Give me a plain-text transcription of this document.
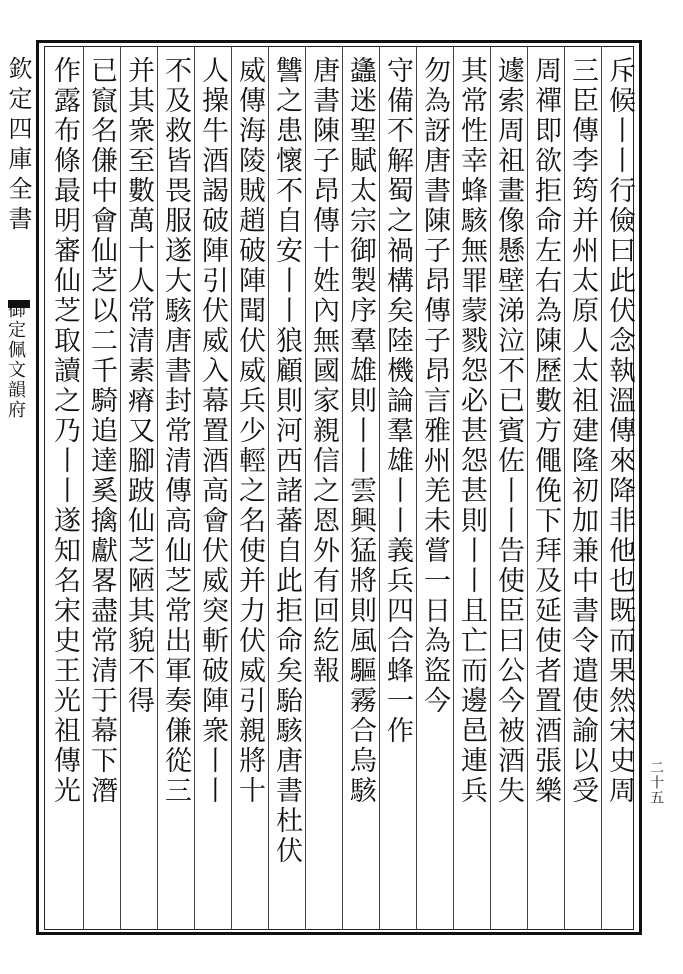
欽定四庫全書
御定佩文韻府
二十五
斥候丨丨行儉曰此伏念執溫傳來降非他也既而果然宋史周
三臣傳李筠并州太原人太祖建隆初加兼中書令遣使諭以受
周禪即欲拒命左右為陳歷數方僶俛下拜及延使者置酒張樂
遽索周祖畫像懸壁涕泣不已賓佐丨丨告使臣曰公今被酒失
其常性幸蜂駭無罪蒙戮怨必甚怨甚則丨丨且亡而邊邑連兵
勿為訝唐書陳子昂傳子昂言雅州羌未嘗一日為盜今
守備不解蜀之禍構矣陸機論羣雄丨丨義兵四合蜂一作
蠭迷聖賦太宗御製序羣雄則丨丨雲興猛將則風驅霧合烏駭
唐書陳子昂傳十姓內無國家親信之恩外有回紇報
讐之患懷不自安丨丨狼顧則河西諸蕃自此拒命矣駘駭唐書杜伏
威傳海陵賊趙破陣聞伏威兵少輕之名使并力伏威引親將十
人操牛酒謁破陣引伏威入幕置酒高會伏威突斬破陣衆丨丨
不及救皆畏服遂大駭唐書封常清傳高仙芝常出軍奏傔從三
并其衆至數萬十人常清素瘠又腳跛仙芝陋其貌不得
已竄名傔中會仙芝以二千騎追達奚擒獻畧盡常清于幕下潛
作露布條最明審仙芝取讀之乃丨丨遂知名宋史王光祖傳光
